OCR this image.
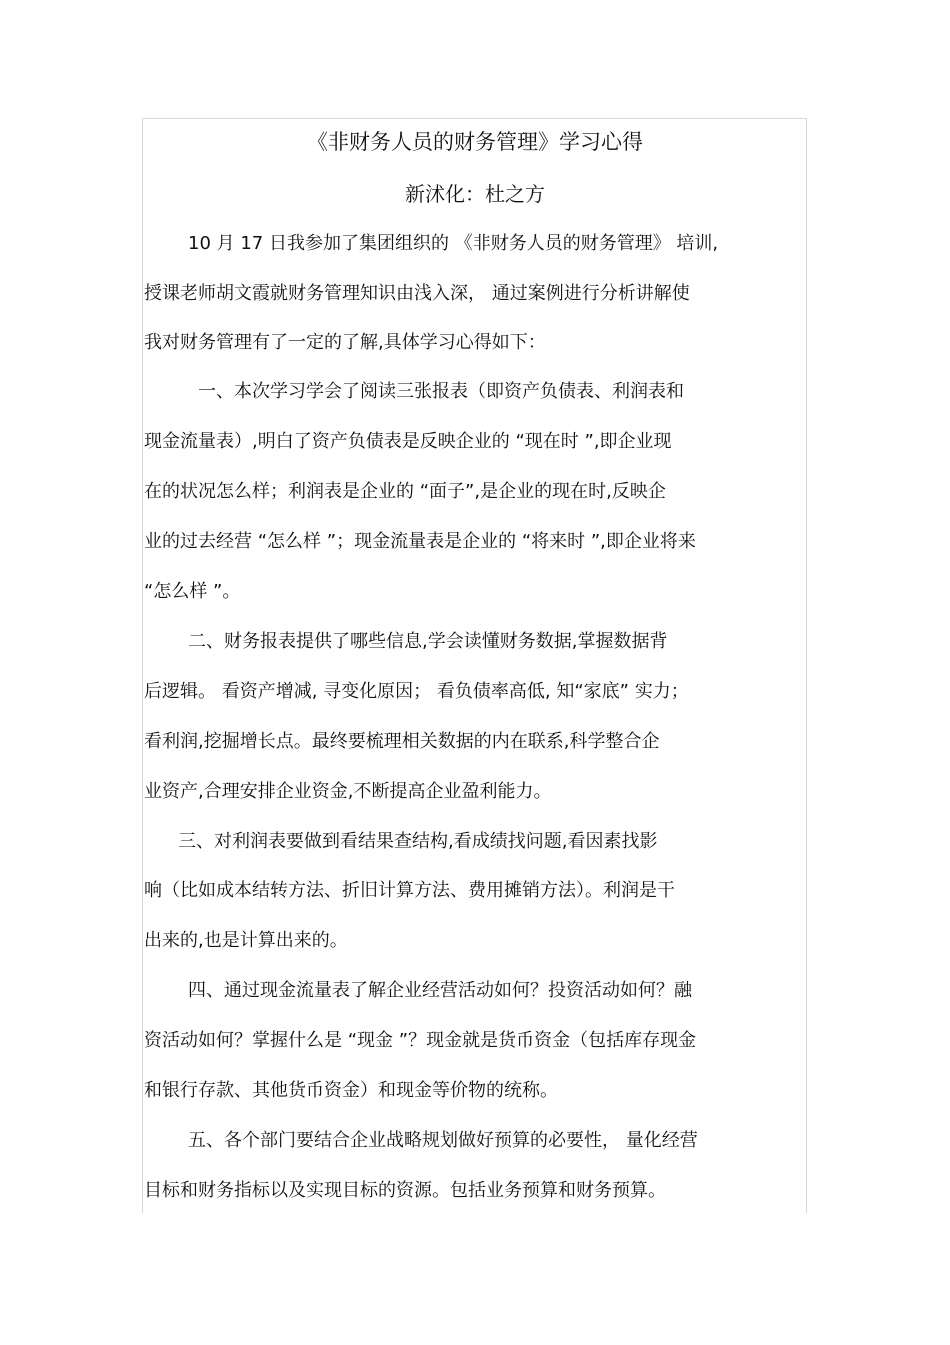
《非财务人员的财务管理》学习心得
新沭化：杜之方
10 月 17 日我参加了集团组织的 《非财务人员的财务管理》 培训,
授课老师胡文霞就财务管理知识由浅入深， 通过案例进行分析讲解使
我对财务管理有了一定的了解,具体学习心得如下：
一、本次学习学会了阅读三张报表（即资产负债表、利润表和
现金流量表）,明白了资产负债表是反映企业的 “现在时 ”,即企业现
在的状况怎么样；利润表是企业的 “面子”,是企业的现在时,反映企
业的过去经营 “怎么样 ”；现金流量表是企业的 “将来时 ”,即企业将来
“怎么样 ”。
二、财务报表提供了哪些信息,学会读懂财务数据,掌握数据背
后逻辑。 看资产增减, 寻变化原因； 看负债率高低, 知“家底” 实力；
看利润,挖掘增长点。最终要梳理相关数据的内在联系,科学整合企
业资产,合理安排企业资金,不断提高企业盈利能力。
三、对利润表要做到看结果查结构,看成绩找问题,看因素找影
响（比如成本结转方法、折旧计算方法、费用摊销方法）。利润是干
出来的,也是计算出来的。
四、通过现金流量表了解企业经营活动如何？投资活动如何？融
资活动如何？掌握什么是 “现金 ”？现金就是货币资金（包括库存现金
和银行存款、其他货币资金）和现金等价物的统称。
五、各个部门要结合企业战略规划做好预算的必要性， 量化经营
目标和财务指标以及实现目标的资源。包括业务预算和财务预算。
